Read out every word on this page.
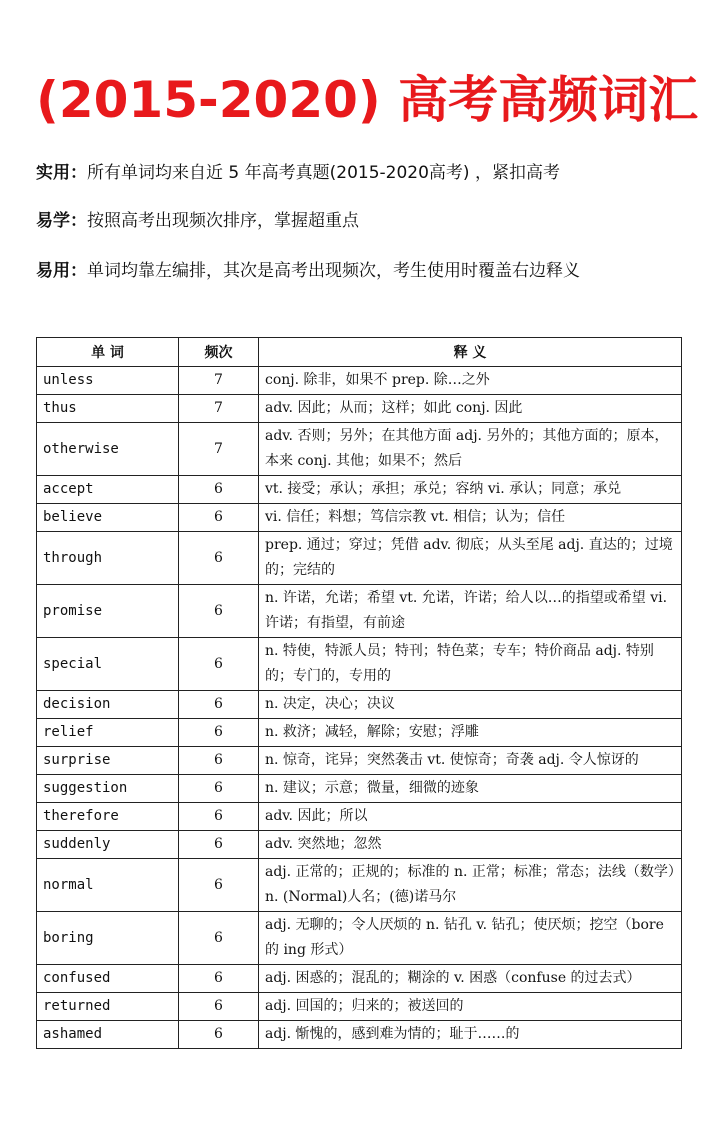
(2015-2020) 高考高频词汇
实用：所有单词均来自近 5 年高考真题(2015-2020高考) ，紧扣高考
易学：按照高考出现频次排序，掌握超重点
易用：单词均靠左编排，其次是高考出现频次，考生使用时覆盖右边释义
单 词	频次	释 义
unless	7	conj. 除非，如果不 prep. 除…之外
thus	7	adv. 因此；从而；这样；如此 conj. 因此
otherwise	7	adv. 否则；另外；在其他方面 adj. 另外的；其他方面的；原本，本来 conj. 其他；如果不；然后
accept	6	vt. 接受；承认；承担；承兑；容纳 vi. 承认；同意；承兑
believe	6	vi. 信任；料想；笃信宗教 vt. 相信；认为；信任
through	6	prep. 通过；穿过；凭借 adv. 彻底；从头至尾 adj. 直达的；过境的；完结的
promise	6	n. 许诺，允诺；希望 vt. 允诺，许诺；给人以…的指望或希望 vi. 许诺；有指望，有前途
special	6	n. 特使，特派人员；特刊；特色菜；专车；特价商品 adj. 特别的；专门的，专用的
decision	6	n. 决定，决心；决议
relief	6	n. 救济；减轻，解除；安慰；浮雕
surprise	6	n. 惊奇，诧异；突然袭击 vt. 使惊奇；奇袭 adj. 令人惊讶的
suggestion	6	n. 建议；示意；微量，细微的迹象
therefore	6	adv. 因此；所以
suddenly	6	adv. 突然地；忽然
normal	6	adj. 正常的；正规的；标准的 n. 正常；标准；常态；法线（数学）n. (Normal)人名；(德)诺马尔
boring	6	adj. 无聊的；令人厌烦的 n. 钻孔 v. 钻孔；使厌烦；挖空（bore 的 ing 形式）
confused	6	adj. 困惑的；混乱的；糊涂的 v. 困惑（confuse 的过去式）
returned	6	adj. 回国的；归来的；被送回的
ashamed	6	adj. 惭愧的，感到难为情的；耻于……的
